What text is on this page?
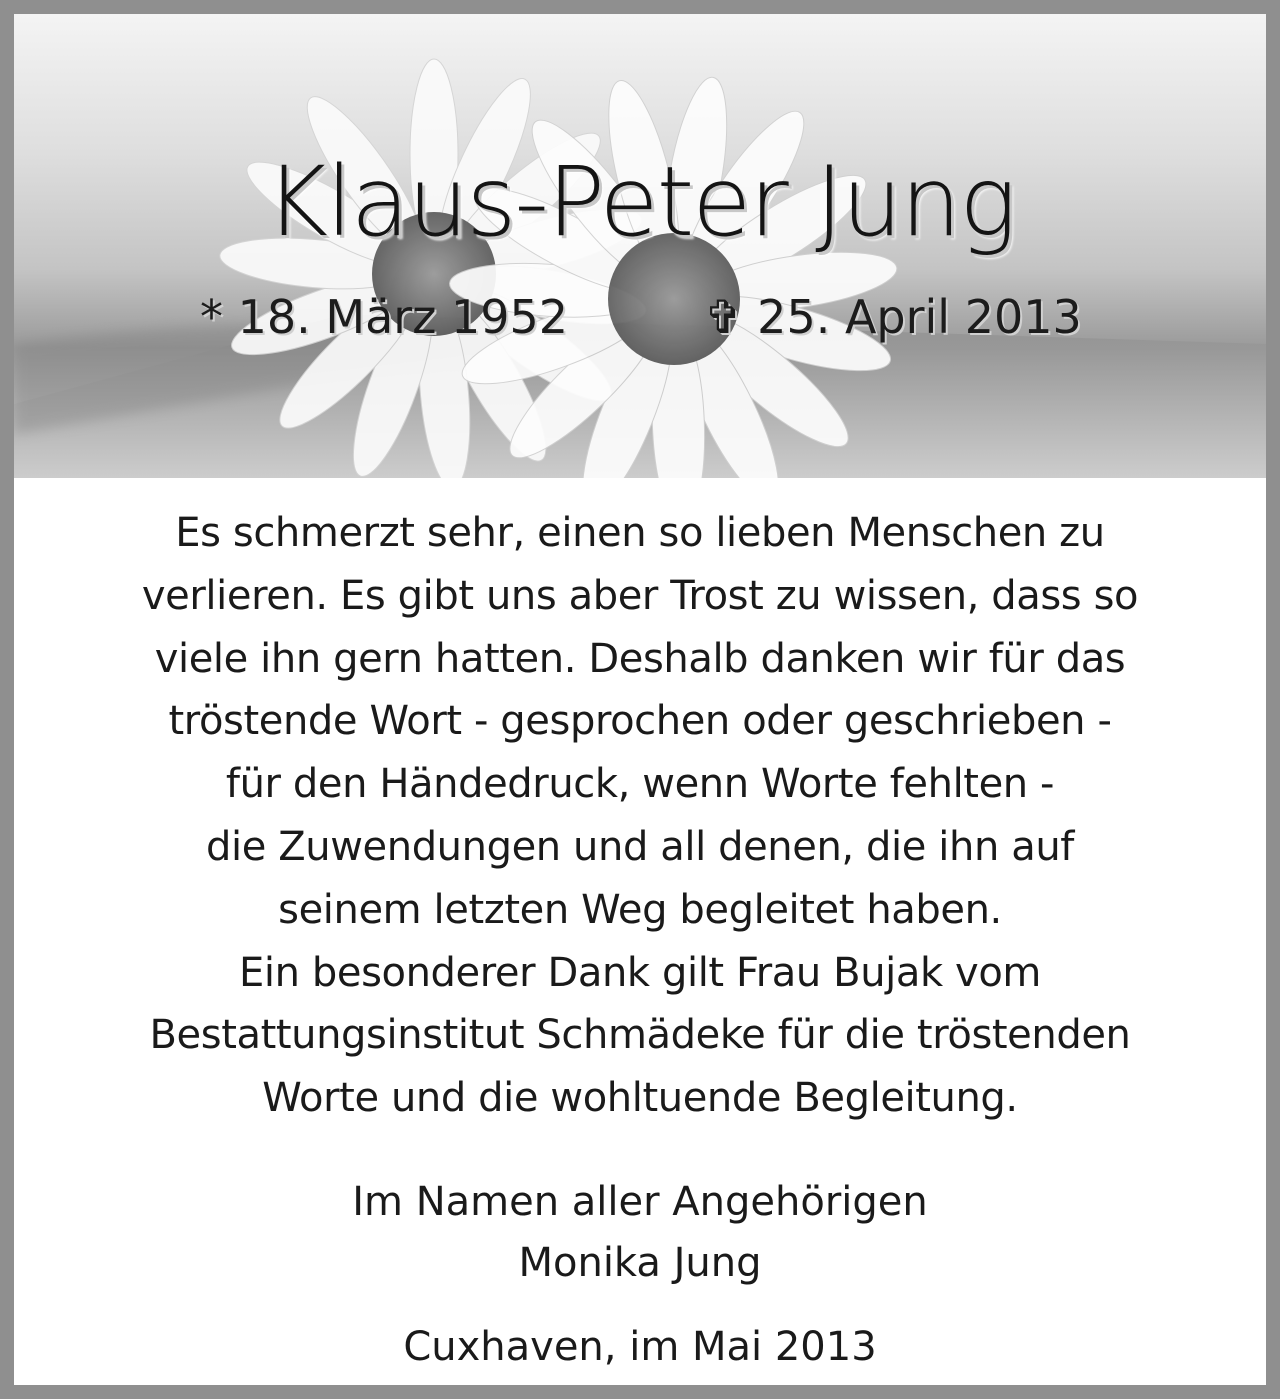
Klaus-Peter Jung
* 18. März 1952	✞ 25. April 2013
Es schmerzt sehr, einen so lieben Menschen zu
verlieren. Es gibt uns aber Trost zu wissen, dass so
viele ihn gern hatten. Deshalb danken wir für das
tröstende Wort - gesprochen oder geschrieben -
für den Händedruck, wenn Worte fehlten -
die Zuwendungen und all denen, die ihn auf
seinem letzten Weg begleitet haben.
Ein besonderer Dank gilt Frau Bujak vom
Bestattungsinstitut Schmädeke für die tröstenden
Worte und die wohltuende Begleitung.
Im Namen aller Angehörigen
Monika Jung
Cuxhaven, im Mai 2013
